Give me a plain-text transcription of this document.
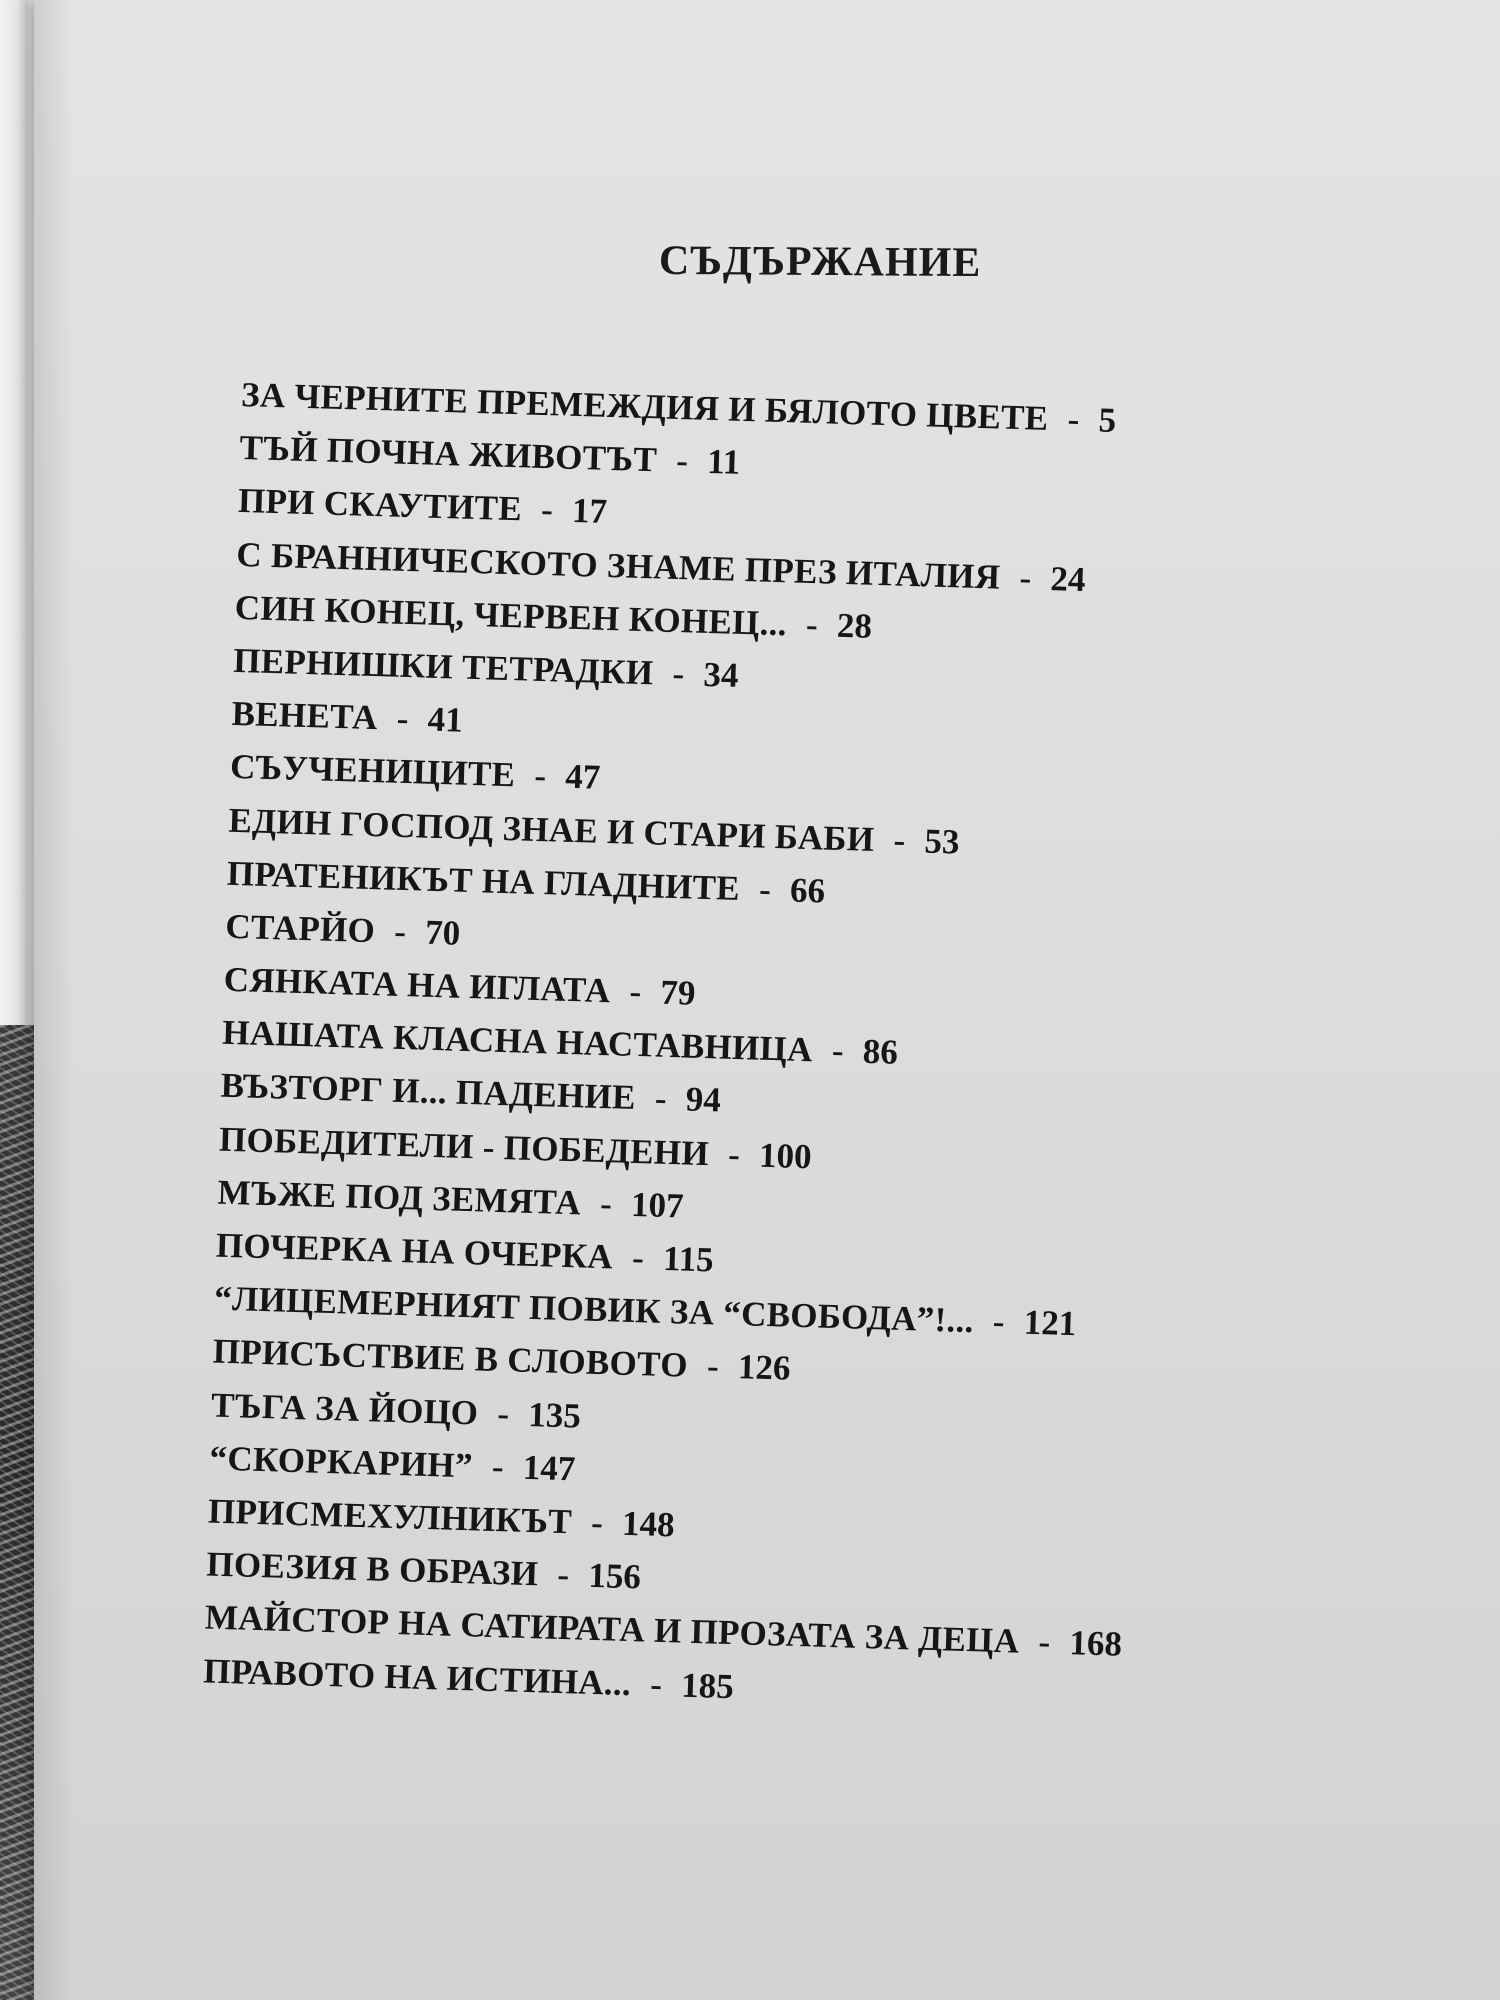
СЪДЪРЖАНИЕ
ЗА ЧЕРНИТЕ ПРЕМЕЖДИЯ И БЯЛОТО ЦВЕТЕ - 5
ТЪЙ ПОЧНА ЖИВОТЪТ - 11
ПРИ СКАУТИТЕ - 17
С БРАННИЧЕСКОТО ЗНАМЕ ПРЕЗ ИТАЛИЯ - 24
СИН КОНЕЦ, ЧЕРВЕН КОНЕЦ... - 28
ПЕРНИШКИ ТЕТРАДКИ - 34
ВЕНЕТА - 41
СЪУЧЕНИЦИТЕ - 47
ЕДИН ГОСПОД ЗНАЕ И СТАРИ БАБИ - 53
ПРАТЕНИКЪТ НА ГЛАДНИТЕ - 66
СТАРЙО - 70
СЯНКАТА НА ИГЛАТА - 79
НАШАТА КЛАСНА НАСТАВНИЦА - 86
ВЪЗТОРГ И... ПАДЕНИЕ - 94
ПОБЕДИТЕЛИ - ПОБЕДЕНИ - 100
МЪЖЕ ПОД ЗЕМЯТА - 107
ПОЧЕРКА НА ОЧЕРКА - 115
“ЛИЦЕМЕРНИЯТ ПОВИК ЗА “СВОБОДА”!... - 121
ПРИСЪСТВИЕ В СЛОВОТО - 126
ТЪГА ЗА ЙОЦО - 135
“СКОРКАРИН” - 147
ПРИСМЕХУЛНИКЪТ - 148
ПОЕЗИЯ В ОБРАЗИ - 156
МАЙСТОР НА САТИРАТА И ПРОЗАТА ЗА ДЕЦА - 168
ПРАВОТО НА ИСТИНА... - 185
